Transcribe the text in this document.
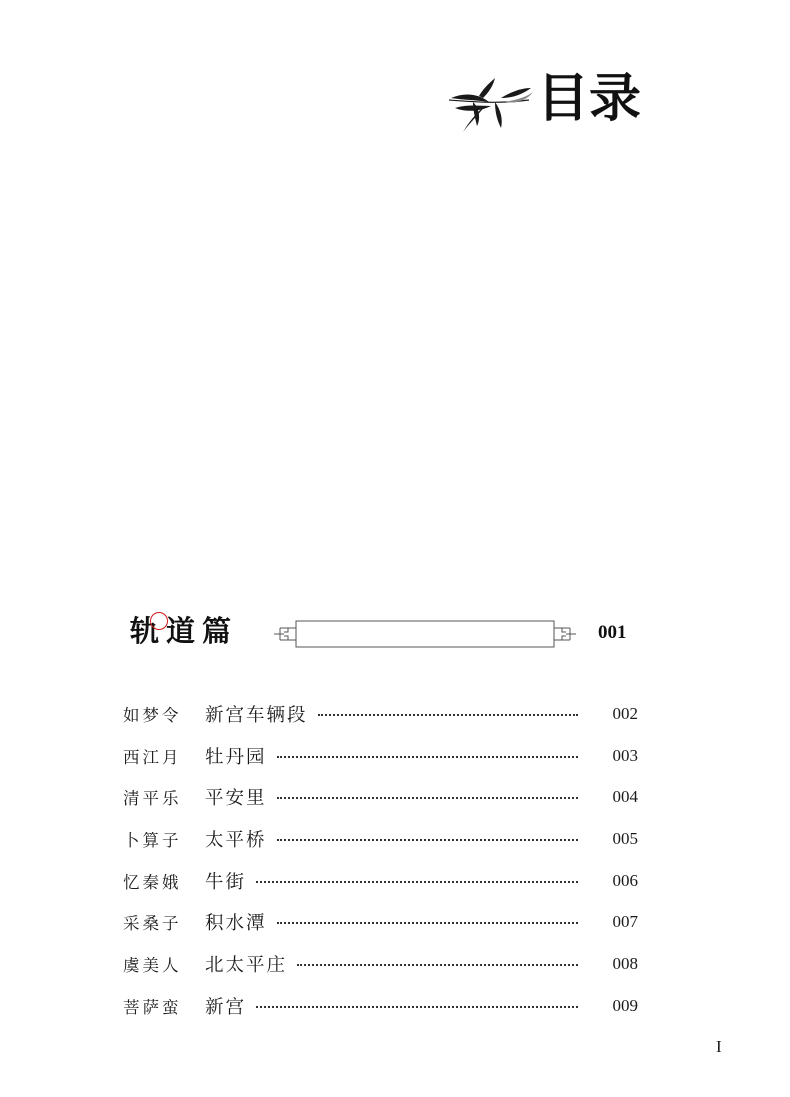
目录
轨道篇	001
如梦令	新宫车辆段	002
西江月	牡丹园	003
清平乐	平安里	004
卜算子	太平桥	005
忆秦娥	牛街	006
采桑子	积水潭	007
虞美人	北太平庄	008
菩萨蛮	新宫	009
I
